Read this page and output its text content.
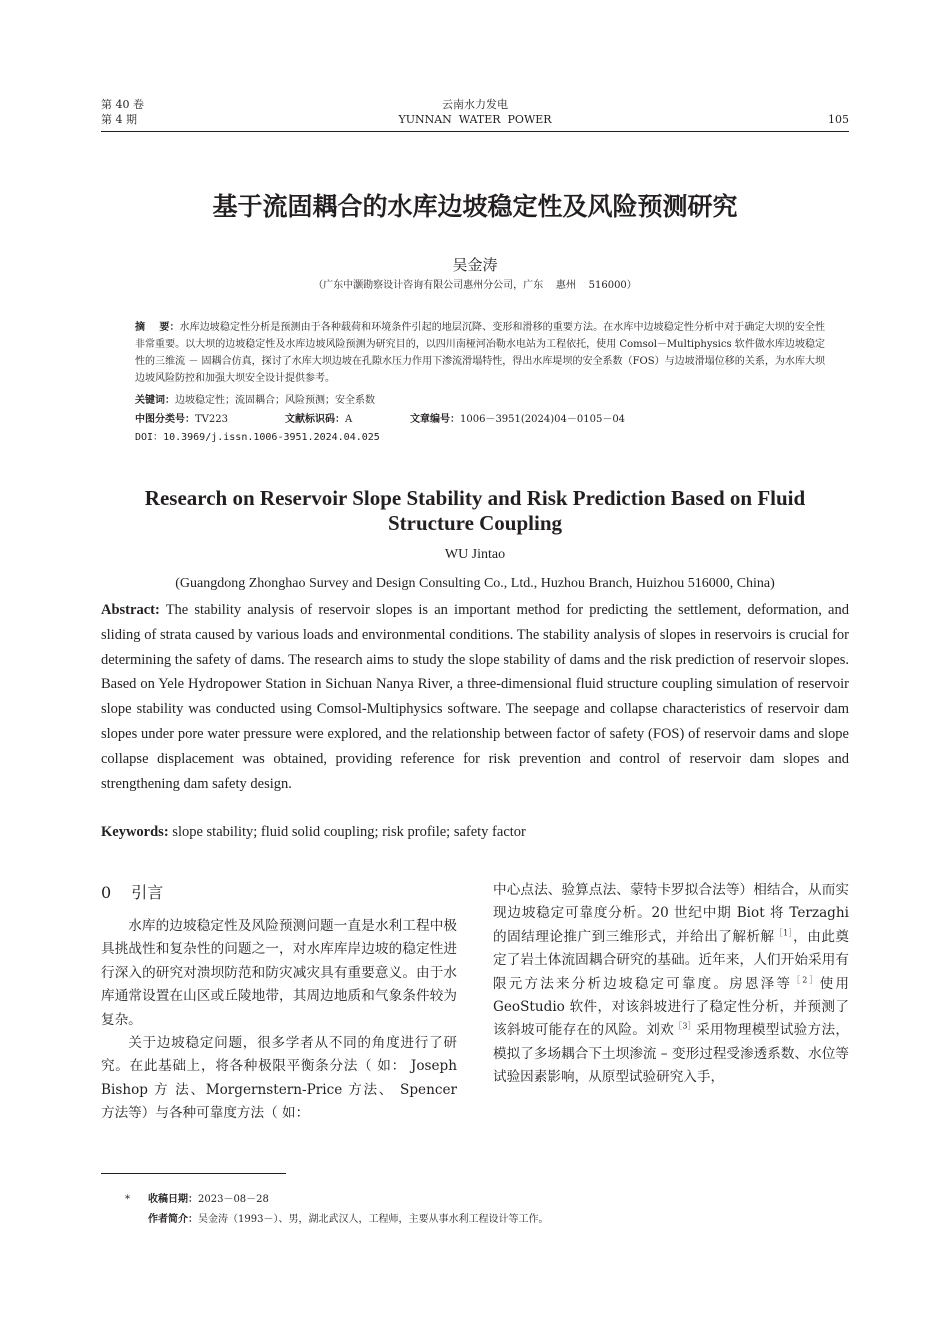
第 40 卷
第 4 期
云南水力发电
YUNNAN  WATER  POWER	105
基于流固耦合的水库边坡稳定性及风险预测研究
吴金涛
（广东中灏勘察设计咨询有限公司惠州分公司，广东    惠州    516000）
摘    要：水库边坡稳定性分析是预测由于各种载荷和环境条件引起的地层沉降、变形和滑移的重要方法。在水库中边坡稳定性分析中对于确定大坝的安全性非常重要。以大坝的边坡稳定性及水库边坡风险预测为研究目的，以四川南桠河冶勒水电站为工程依托，使用 Comsol－Multiphysics 软件做水库边坡稳定性的三维流 － 固耦合仿真，探讨了水库大坝边坡在孔隙水压力作用下渗流滑塌特性，得出水库堤坝的安全系数（FOS）与边坡滑塌位移的关系，为水库大坝边坡风险防控和加强大坝安全设计提供参考。
关键词：边坡稳定性；流固耦合；风险预测；安全系数
中图分类号：TV223	文献标识码：A	文章编号：1006－3951(2024)04－0105－04
DOI：10.3969/j.issn.1006-3951.2024.04.025
Research on Reservoir Slope Stability and Risk Prediction Based on Fluid Structure Coupling
WU Jintao
(Guangdong Zhonghao Survey and Design Consulting Co., Ltd., Huzhou Branch, Huizhou 516000, China)
Abstract: The stability analysis of reservoir slopes is an important method for predicting the settlement, deformation, and sliding of strata caused by various loads and environmental conditions. The stability analysis of slopes in reservoirs is crucial for determining the safety of dams. The research aims to study the slope stability of dams and the risk prediction of reservoir slopes. Based on Yele Hydropower Station in Sichuan Nanya River, a three-dimensional fluid structure coupling simulation of reservoir slope stability was conducted using Comsol-Multiphysics software. The seepage and collapse characteristics of reservoir dam slopes under pore water pressure were explored, and the relationship between factor of safety (FOS) of reservoir dams and slope collapse displacement was obtained, providing reference for risk prevention and control of reservoir dam slopes and strengthening dam safety design.
Keywords: slope stability; fluid solid coupling; risk profile; safety factor
0 引言

水库的边坡稳定性及风险预测问题一直是水利工程中极具挑战性和复杂性的问题之一，对水库库岸边坡的稳定性进行深入的研究对溃坝防范和防灾减灾具有重要意义。由于水库通常设置在山区或丘陵地带，其周边地质和气象条件较为复杂。

关于边坡稳定问题，很多学者从不同的角度进行了研究。在此基础上，将各种极限平衡条分法（ 如： Joseph Bishop 方 法、Morgernstern-Price 方法、 Spencer 方法等）与各种可靠度方法（ 如：

中心点法、验算点法、蒙特卡罗拟合法等）相结合，从而实现边坡稳定可靠度分析。20 世纪中期 Biot 将 Terzaghi 的固结理论推广到三维形式，并给出了解析解$^{[1]}$，由此奠定了岩土体流固耦合研究的基础。近年来，人们开始采用有限元方法来分析边坡稳定可靠度。房恩泽等$^{[2]}$使用 GeoStudio 软件，对该斜坡进行了稳定性分析，并预测了该斜坡可能存在的风险。刘欢$^{[3]}$采用物理模型试验方法，模拟了多场耦合下土坝渗流 – 变形过程受渗透系数、水位等试验因素影响，从原型试验研究入手，

* 收稿日期：2023－08－28
作者简介：吴金涛（1993－）、男，湖北武汉人，工程师，主要从事水利工程设计等工作。
